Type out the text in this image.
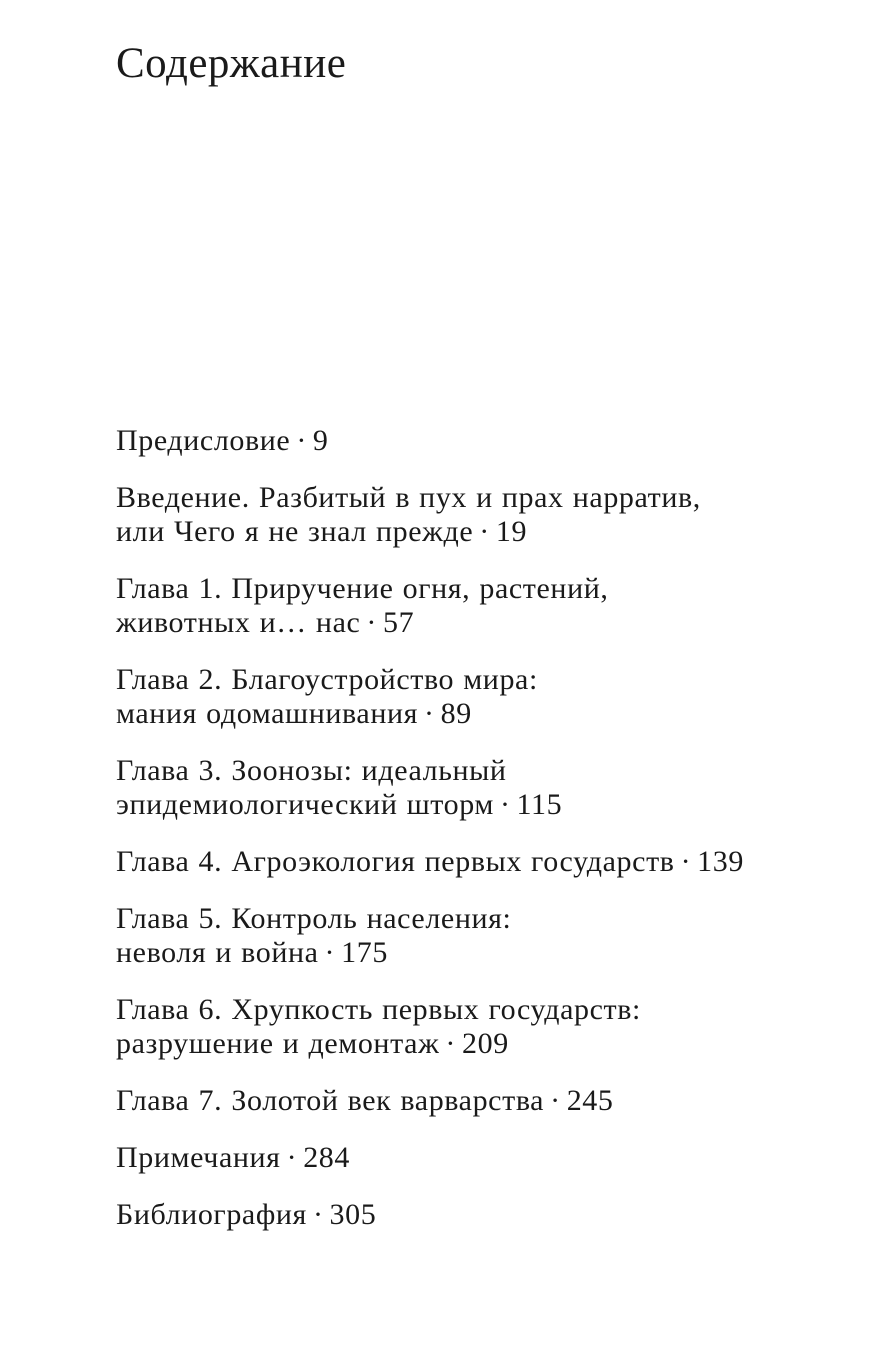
Содержание
Предисловие · 9
Введение. Разбитый в пух и прах нарратив,
или Чего я не знал прежде · 19
Глава 1. Приручение огня, растений,
животных и… нас · 57
Глава 2. Благоустройство мира:
мания одомашнивания · 89
Глава 3. Зоонозы: идеальный
эпидемиологический шторм · 115
Глава 4. Агроэкология первых государств · 139
Глава 5. Контроль населения:
неволя и война · 175
Глава 6. Хрупкость первых государств:
разрушение и демонтаж · 209
Глава 7. Золотой век варварства · 245
Примечания · 284
Библиография · 305
